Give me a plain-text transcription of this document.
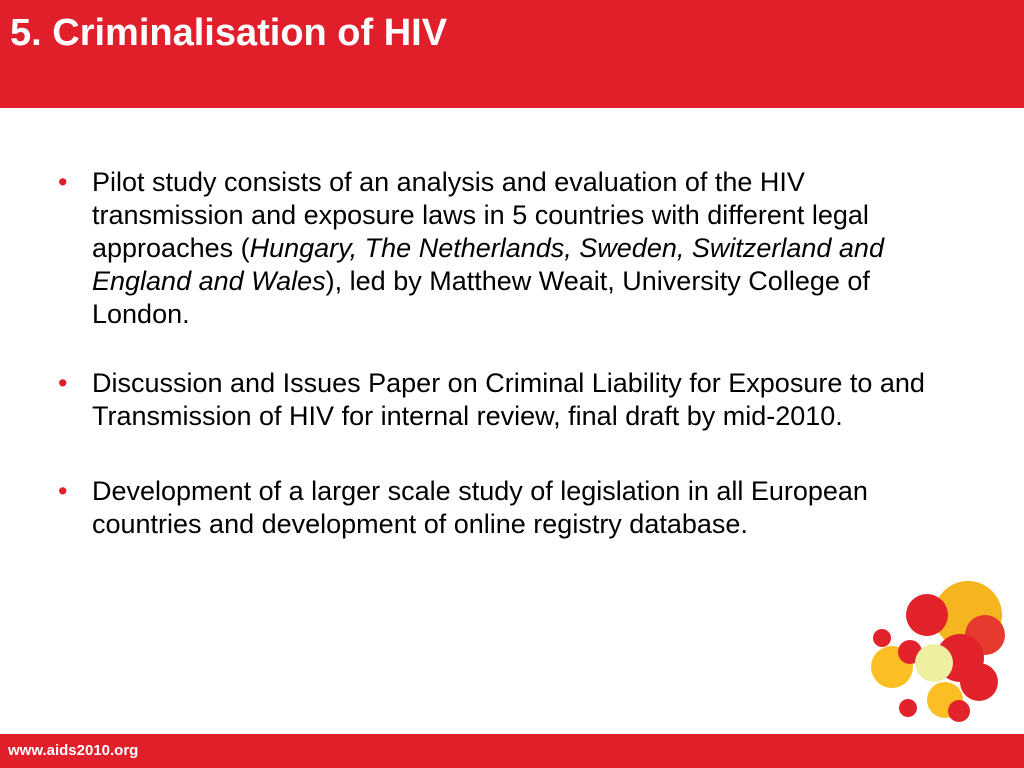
5. Criminalisation of HIV
• Pilot study consists of an analysis and evaluation of the HIV transmission and exposure laws in 5 countries with different legal approaches (Hungary, The Netherlands, Sweden, Switzerland and England and Wales), led by Matthew Weait, University College of London.
• Discussion and Issues Paper on Criminal Liability for Exposure to and Transmission of HIV for internal review, final draft by mid-2010.
• Development of a larger scale study of legislation in all European countries and development of online registry database.
www.aids2010.org
